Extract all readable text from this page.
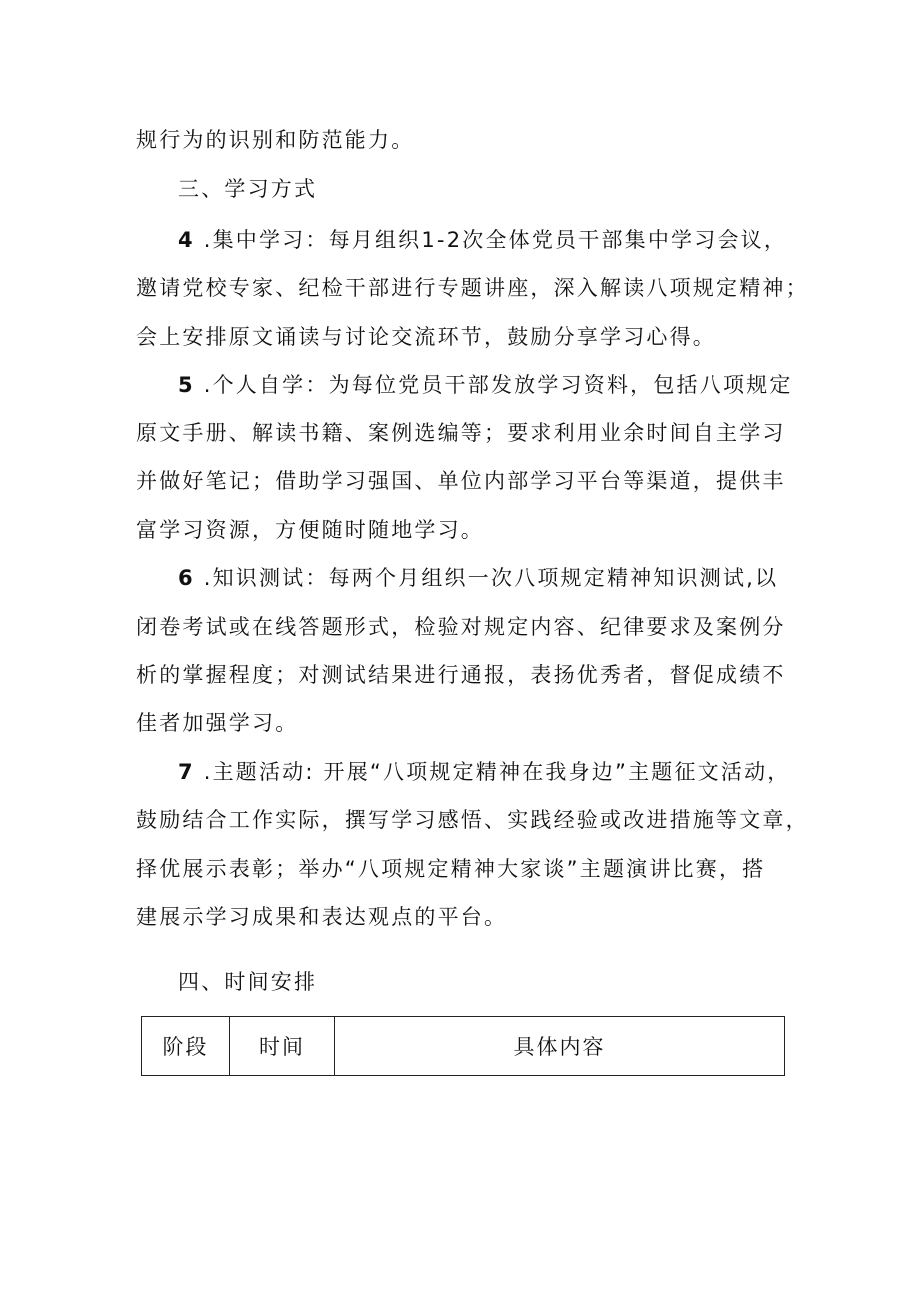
规行为的识别和防范能力。
三、学习方式
4 .集中学习：每月组织1-2次全体党员干部集中学习会议，
邀请党校专家、纪检干部进行专题讲座，深入解读八项规定精神；
会上安排原文诵读与讨论交流环节，鼓励分享学习心得。
5 .个人自学：为每位党员干部发放学习资料，包括八项规定
原文手册、解读书籍、案例选编等；要求利用业余时间自主学习
并做好笔记；借助学习强国、单位内部学习平台等渠道，提供丰
富学习资源，方便随时随地学习。
6 .知识测试：每两个月组织一次八项规定精神知识测试,以
闭卷考试或在线答题形式，检验对规定内容、纪律要求及案例分
析的掌握程度；对测试结果进行通报，表扬优秀者，督促成绩不
佳者加强学习。
7 .主题活动: 开展“八项规定精神在我身边”主题征文活动，
鼓励结合工作实际，撰写学习感悟、实践经验或改进措施等文章，
择优展示表彰；举办“八项规定精神大家谈”主题演讲比赛，搭
建展示学习成果和表达观点的平台。
四、时间安排
阶段	时间	具体内容
